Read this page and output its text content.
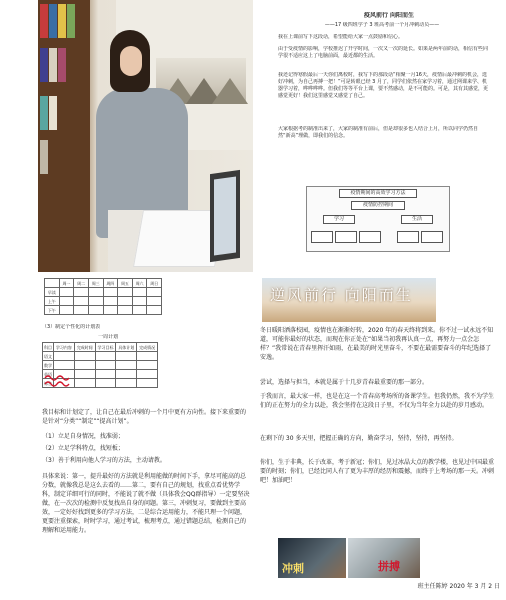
疫风前行 向阳而生
——17 级四班学子 3 班高考前一个月冲刺动员——
我在上课前写下这段话，希望能给大家一点鼓励和信心。
由于受疫情的影响，学校推迟了开学时间，一次又一次的延长。如果是两年前的话，相信有些同学很不适应这上了电脑前面，最近都的生活。
我还记得寒假最后一天你们离校时，我写下的那段话“相聚一月16天，疫情后最冲刺的机会，选好冲刺，为自己再搏一把！”可是转眼已经 3 月了，同学们依然在家学习着，通过网课来学、机器学习着，哗哗哗哗。但我们等等平台上课，要不然感动，是不可能的。可是，其有其感觉，更感觉更好！我们这里感觉又感觉了自己。
大家根据考的制准出来了，大家的制准有前后，但是却很多也人结合上月，所以同学仍然自然“新高”理做，即我们的信念。
疫情期间的高效学习方法
疫情防控期间
学习	生活
	周一	周二	周三	周四	周五	周六	周日
早读							
上午							
下午							
（3）制定个性化的计划表
一周计划
科目	学习内容	完成时间	学习目标	具体计划	完成情况
语文					
数学					
英语					
综合					
我目标和计划定了，让自己在最后冲刺的一个月中更有方向性。接下来重要的是针对“分类”“制定”“提高计划”。
（1）立足自身情况，找准弱；
（2）立足学科特点，找短板；
（3）善于利用向他人学习的方法，主动请教。
具体来说：第一，提升最好的方法就是利用能做的时间下手，拿尽可能高的总分数，就像我总是这么去看的……第二，要有自己的规划，找重点看优势学科，制定详细可行的同时，不能说了就不做（具体我会QQ群指导）一定要坚决做，在一次次的检测中反复找出自身的问题。第三，冲刺复习，要做到主要高效，一定好好找到更多的学习方法，二是综合运用能力，不能只理一个问题，更要注重探索，时时学习，通过考试，梳理考点，通过错题总结，检测自己的理解和运用能力。
逆风前行 向阳而生
冬日暖阳洒落校园，疫情也在渐渐好转，2020 年的春天终将到来。你不过一试永远不知道，可能你最好的状态，而现在你正处在“如果当初我再认真一点，再努力一点会怎样？”我常说在青春里挥汗如雨，在最美的时光里奋斗，不要在最需要奋斗的年纪选择了安逸。
尝试，选择与担当，本就是属于十几岁青春最重要的那一部分。
于我而言，最大家一样，也是在这一个青春高考场所的备课学生。但我仍然，我不为学生们的正在努力的全力以赴，我会坚持在这段日子里，不仅为当年全力以赴的岁月感动。
在剩下的 30 多天里，把握正确的方向，勤奋学习，坚持，坚持，再坚持。
你们，生于非典，长于改革，考于新冠；你们，见过冰晶大点的教学楼，也见过中国最重要的时刻；你们，已经比同人有了更为丰厚的经历和震撼，而终于上考场的那一天。冲刺吧！加油吧！
冲刺	拼搏
班主任陈婷 2020 年 3 月 2 日
